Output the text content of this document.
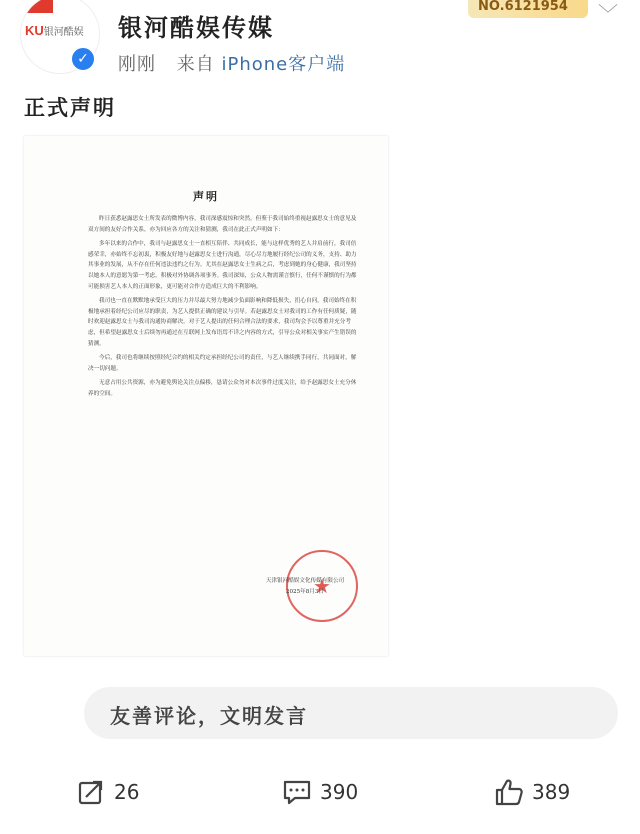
KU银河酷娱
✓
银河酷娱传媒
刚刚 来自 iPhone客户端
NO.6121954	﹀
正式声明
声明

昨日获悉赵露思女士所发表的微博内容，我司深感震惊和突然。但鉴于我司始终重视赵露思女士的意见及双方间的友好合作关系，亦为回应各方的关注和猜测，我司在此正式声明如下：

多年以来的合作中，我司与赵露思女士一直相互陪伴、共同成长，能与这样优秀的艺人并肩前行，我司倍感荣幸，亦始终不忘初衷，积极友好地与赵露思女士进行沟通，尽心尽力地履行经纪公司的义务，支持、助力其事业的发展，从不存在任何违法违约之行为。尤其在赵露思女士生病之后，考虑到她的身心健康，我司坚持以她本人的意愿为第一考虑，积极对外协调各项事务。我司深知，公众人物需谨言慎行，任何不谨慎的行为都可能损害艺人本人的正面形象，更可能对合作方造成巨大的不利影响。

我司也一直在默默地承受巨大的压力并尽最大努力地减少负面影响和降低损失，扪心自问，我司始终在积极地承担着经纪公司应尽的职责，为艺人提供正确的建议与引导。若赵露思女士对我司的工作有任何质疑，随时欢迎赵露思女士与我司沟通协商解决。对于艺人提出的任何合理合法的要求，我司均会予以尊重并充分考虑，但希望赵露思女士后续勿再通过在互联网上发布语焉不详之内容的方式，引导公众对相关事实产生错误的猜测。

今后，我司也将继续按照经纪合约的相关约定承担经纪公司的责任，与艺人继续携手同行，共同面对，解决一切问题。

无意占用公共资源，亦为避免舆论关注点偏移，恳请公众勿对本次事件过度关注，给予赵露思女士充分休养的空间。

★
天津银河酷娱文化传媒有限公司
2025年8月3日
友善评论，文明发言
26	390	389
